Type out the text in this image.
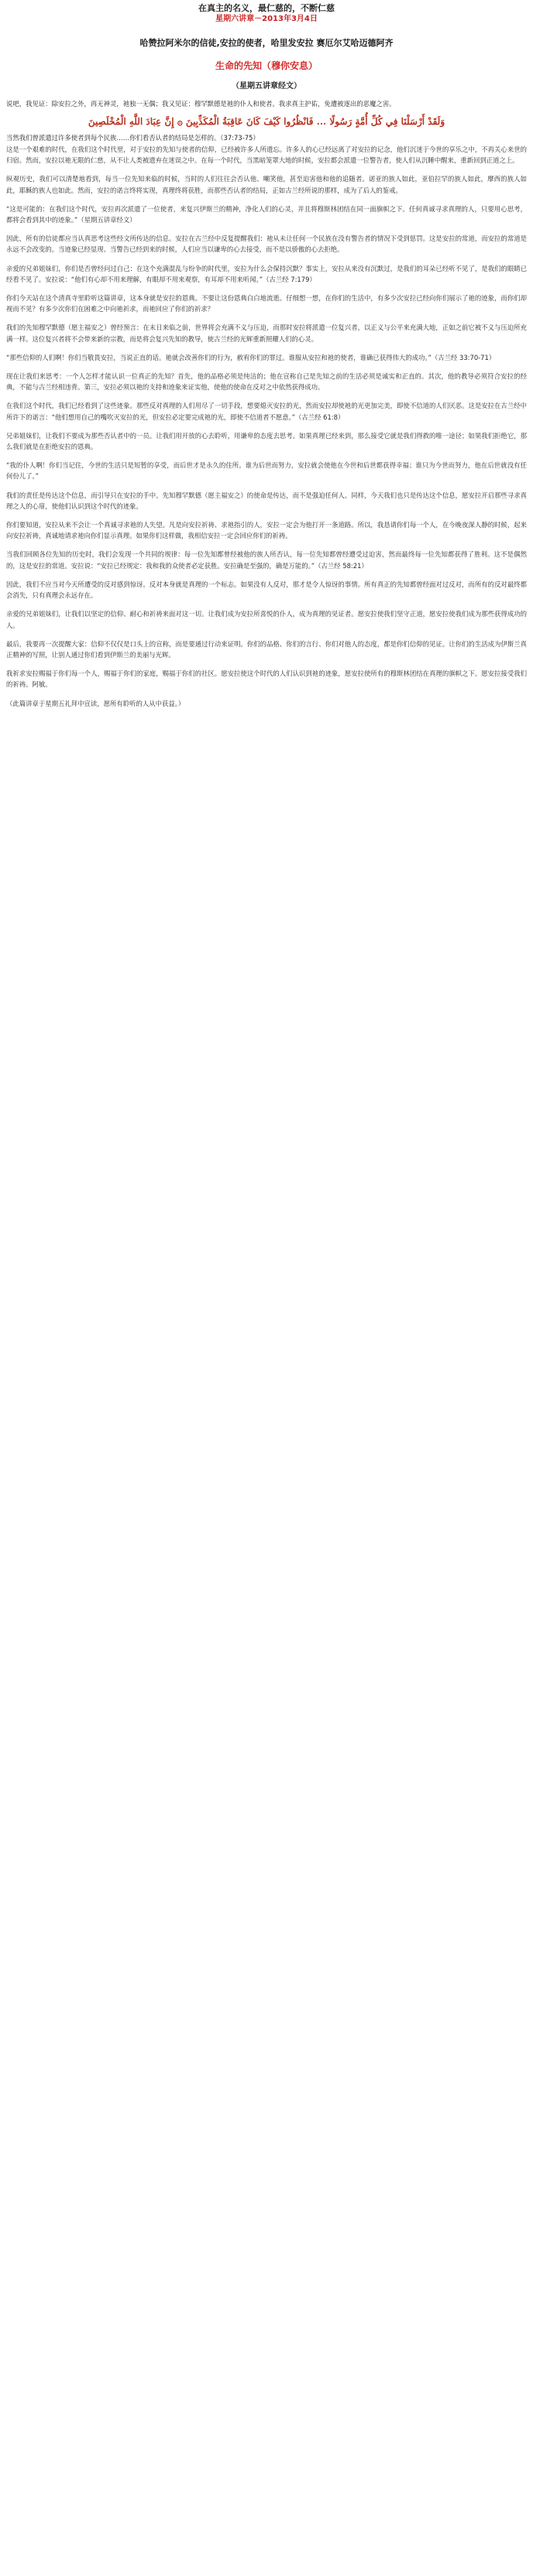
在真主的名义，最仁慈的，不断仁慈
星期六讲章－2013年3月4日
哈赞拉阿米尔的信徒,安拉的使者，哈里发安拉 赛厄尔艾哈迈德阿齐
生命的先知（穆你安息）
（星期五讲章经文）
说吧，我见证：除安拉之外，再无神灵，祂独一无偶；我又见证：穆罕默德是祂的仆人和使者。我求真主护佑，免遭被逐出的恶魔之害。
وَلَقَدْ أَرْسَلْنَا فِي كُلِّ أُمَّةٍ رَسُولًا ... فَانْظُرُوا كَيْفَ كَانَ عَاقِبَةُ الْمُكَذِّبِينَ ۞ إِنَّ عِبَادَ اللَّهِ الْمُخْلَصِينَ
当然我们曾派遣过许多使者到每个民族……你们看否认者的结局是怎样的。（37:73-75）

这是一个艰难的时代，在我们这个时代里，对于安拉的先知与使者的信仰，已经被许多人所遗忘。许多人的心已经远离了对安拉的记念，他们沉迷于今世的享乐之中，不再关心来世的归宿。然而，安拉以祂无限的仁慈，从不让人类被遗弃在迷误之中。在每一个时代，当黑暗笼罩大地的时候，安拉都会派遣一位警告者，使人们从沉睡中醒来，重新回到正道之上。

纵观历史，我们可以清楚地看到，每当一位先知来临的时候，当时的人们往往会否认他、嘲笑他，甚至迫害他和他的追随者。诺亚的族人如此，亚伯拉罕的族人如此，摩西的族人如此，耶稣的族人也如此。然而，安拉的诺言终将实现，真理终将获胜，而那些否认者的结局，正如古兰经所说的那样，成为了后人的鉴戒。

“这是可能的：在我们这个时代，安拉再次派遣了一位使者，来复兴伊斯兰的精神，净化人们的心灵，并且将穆斯林团结在同一面旗帜之下。任何真诚寻求真理的人，只要用心思考，都将会看到其中的迹象。”（星期五讲章经文）

因此，所有的信徒都应当认真思考这些经文所传达的信息。安拉在古兰经中反复提醒我们：祂从未让任何一个民族在没有警告者的情况下受到惩罚。这是安拉的常道，而安拉的常道是永远不会改变的。当迹象已经显现、当警告已经到来的时候，人们应当以谦卑的心去接受，而不是以骄傲的心去拒绝。

亲爱的兄弟姐妹们，你们是否曾经问过自己：在这个充满混乱与纷争的时代里，安拉为什么会保持沉默？事实上，安拉从来没有沉默过，是我们的耳朵已经听不见了，是我们的眼睛已经看不见了。安拉说：“他们有心却不用来理解，有眼却不用来观察，有耳却不用来听闻。”（古兰经 7:179）

你们今天站在这个清真寺里聆听这篇讲章，这本身就是安拉的恩典。不要让这份恩典白白地流逝。仔细想一想，在你们的生活中，有多少次安拉已经向你们展示了祂的迹象，而你们却视而不见？有多少次你们在困难之中向祂祈求，而祂回应了你们的祈求？

我们的先知穆罕默德（愿主福安之）曾经预言：在末日来临之前，世界将会充满不义与压迫，而那时安拉将派遣一位复兴者，以正义与公平来充满大地，正如之前它被不义与压迫所充满一样。这位复兴者将不会带来新的宗教，而是将会复兴先知的教导，使古兰经的光辉重新照耀人们的心灵。

“那些信仰的人们啊！你们当敬畏安拉，当说正直的话。祂就会改善你们的行为，赦宥你们的罪过。谁服从安拉和祂的使者，谁确已获得伟大的成功。”（古兰经 33:70-71）

现在让我们来思考：一个人怎样才能认识一位真正的先知？首先，他的品格必须是纯洁的；他在宣称自己是先知之前的生活必须是诚实和正直的。其次，他的教导必须符合安拉的经典，不能与古兰经相违背。第三，安拉必须以祂的支持和迹象来证实他，使他的使命在反对之中依然获得成功。

在我们这个时代，我们已经看到了这些迹象。那些反对真理的人们用尽了一切手段，想要熄灭安拉的光，然而安拉却使祂的光更加完美，即使不信道的人们厌恶。这是安拉在古兰经中所许下的诺言：“他们想用自己的嘴吹灭安拉的光，但安拉必定要完成祂的光，即使不信道者不愿意。”（古兰经 61:8）

兄弟姐妹们，让我们不要成为那些否认者中的一员。让我们用开放的心去聆听，用谦卑的态度去思考。如果真理已经来到，那么接受它就是我们得救的唯一途径；如果我们拒绝它，那么我们就是在拒绝安拉的恩典。

“我的仆人啊！你们当记住，今世的生活只是短暂的享受，而后世才是永久的住所。谁为后世而努力，安拉就会使他在今世和后世都获得幸福；谁只为今世而努力，他在后世就没有任何份儿了。”

我们的责任是传达这个信息，而引导只在安拉的手中。先知穆罕默德（愿主福安之）的使命是传达，而不是强迫任何人。同样，今天我们也只是传达这个信息，愿安拉开启那些寻求真理之人的心扉，使他们认识到这个时代的迹象。

你们要知道，安拉从来不会让一个真诚寻求祂的人失望。凡是向安拉祈祷、求祂指引的人，安拉一定会为他打开一条道路。所以，我恳请你们每一个人，在今晚夜深人静的时候，起来向安拉祈祷，真诚地请求祂向你们显示真理。如果你们这样做，我相信安拉一定会回应你们的祈祷。

当我们回顾各位先知的历史时，我们会发现一个共同的规律：每一位先知都曾经被他的族人所否认，每一位先知都曾经遭受过迫害，然而最终每一位先知都获得了胜利。这不是偶然的，这是安拉的常道。安拉说：“安拉已经规定：我和我的众使者必定获胜。安拉确是至强的，确是万能的。”（古兰经 58:21）

因此，我们不应当对今天所遭受的反对感到惊讶。反对本身就是真理的一个标志。如果没有人反对，那才是令人惊讶的事情。所有真正的先知都曾经面对过反对，而所有的反对最终都会消失，只有真理会永远存在。

亲爱的兄弟姐妹们，让我们以坚定的信仰、耐心和祈祷来面对这一切。让我们成为安拉所喜悦的仆人，成为真理的见证者。愿安拉使我们坚守正道，愿安拉使我们成为那些获得成功的人。

最后，我要再一次提醒大家：信仰不仅仅是口头上的宣称，而是要通过行动来证明。你们的品格、你们的言行、你们对他人的态度，都是你们信仰的见证。让你们的生活成为伊斯兰真正精神的写照，让别人通过你们看到伊斯兰的美丽与光辉。

我祈求安拉赐福于你们每一个人，赐福于你们的家庭，赐福于你们的社区。愿安拉使这个时代的人们认识到祂的迹象，愿安拉使所有的穆斯林团结在真理的旗帜之下。愿安拉接受我们的祈祷。阿敏。

（此篇讲章于星期五礼拜中宣读，愿所有聆听的人从中获益。）
